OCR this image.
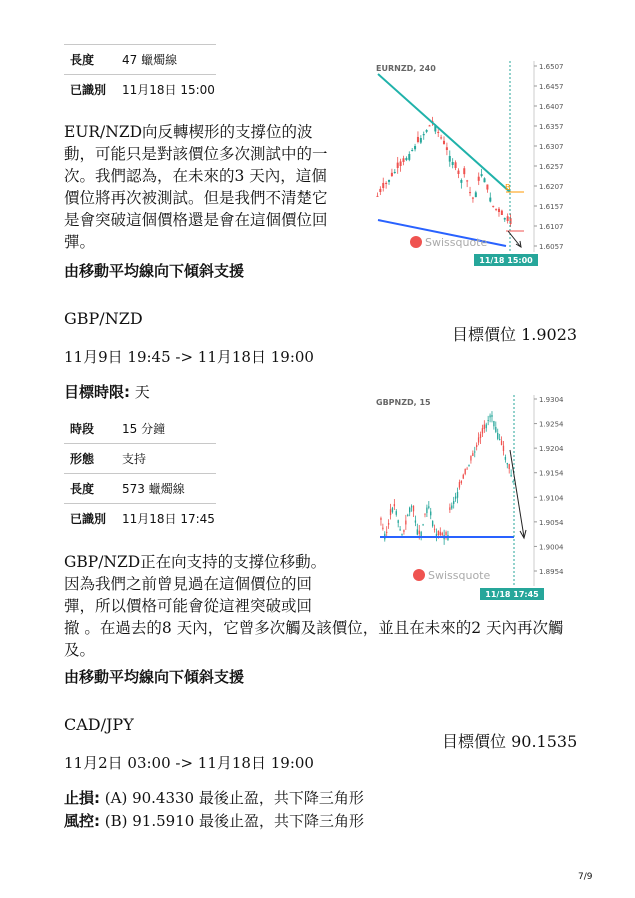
長度	47 蠟燭線
已識別	11月18日 15:00
EUR/NZD向反轉楔形的支撐位的波動，可能只是對該價位多次測試中的一次。我們認為，在未來的3 天內，這個價位將再次被測試。但是我們不清楚它是會突破這個價格還是會在這個價位回彈。
由移動平均線向下傾斜支援
1.6507
1.6457
1.6407
1.6357
1.6307
1.6257
1.6207
1.6157
1.6107
1.6057
B
EURNZD, 240
Swissquote
11/18 15:00
GBP/NZD
目標價位 1.9023
11月9日 19:45 -> 11月18日 19:00
目標時限: 天
時段	15 分鐘
形態	支持
長度	573 蠟燭線
已識別	11月18日 17:45
GBP/NZD正在向支持的支撐位移動。因為我們之前曾見過在這個價位的回彈，所以價格可能會從這裡突破或回
撤 。在過去的8 天內，它曾多次觸及該價位，並且在未來的2 天內再次觸及。
由移動平均線向下傾斜支援
1.9304
1.9254
1.9204
1.9154
1.9104
1.9054
1.9004
1.8954
GBPNZD, 15
Swissquote
11/18 17:45
CAD/JPY
目標價位 90.1535
11月2日 03:00 -> 11月18日 19:00
止損: (A) 90.4330 最後止盈，共下降三角形
風控: (B) 91.5910 最後止盈，共下降三角形
7/9
